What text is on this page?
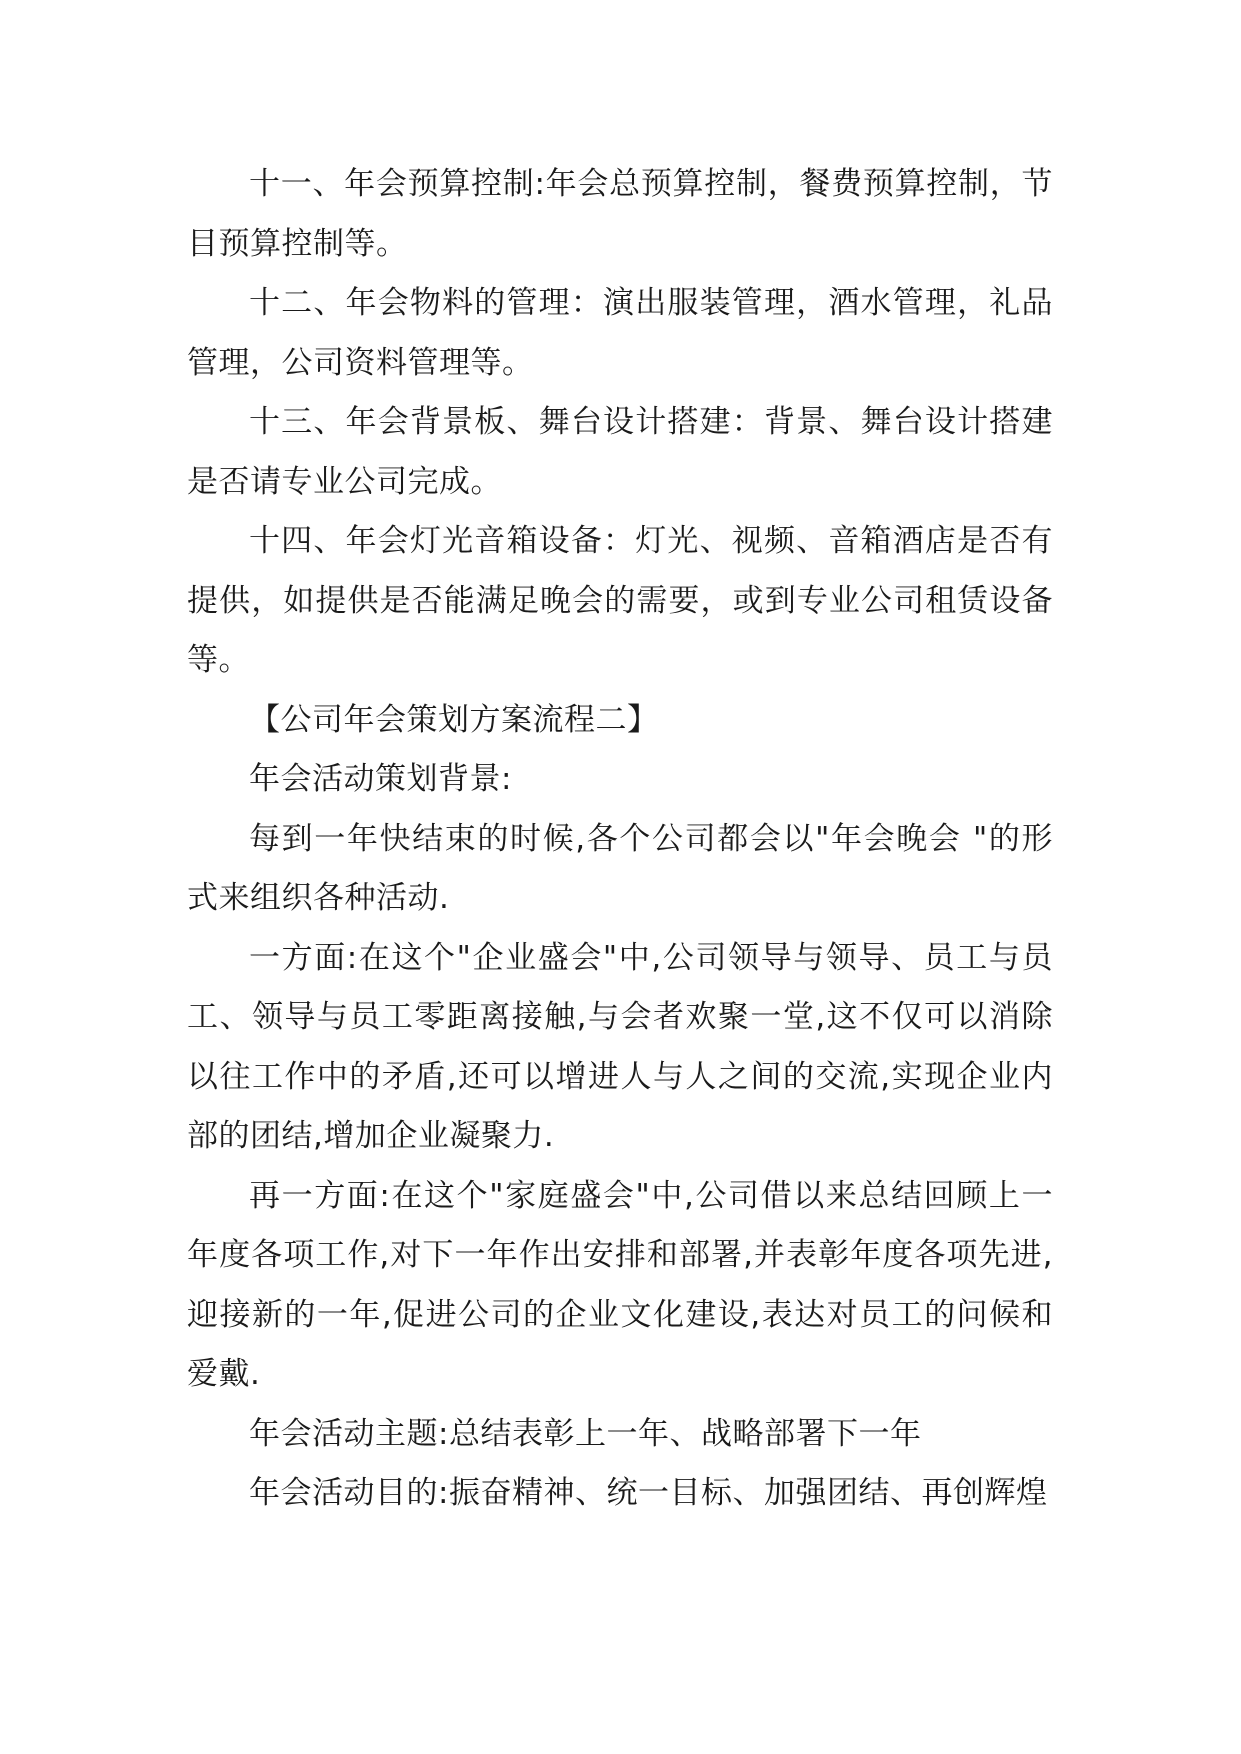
十一、年会预算控制:年会总预算控制，餐费预算控制，节目预算控制等。

十二、年会物料的管理：演出服装管理，酒水管理，礼品管理，公司资料管理等。

十三、年会背景板、舞台设计搭建：背景、舞台设计搭建是否请专业公司完成。

十四、年会灯光音箱设备：灯光、视频、音箱酒店是否有提供，如提供是否能满足晚会的需要，或到专业公司租赁设备等。

【公司年会策划方案流程二】

年会活动策划背景:

每到一年快结束的时候,各个公司都会以"年会晚会 "的形式来组织各种活动.

一方面:在这个"企业盛会"中,公司领导与领导、员工与员工、领导与员工零距离接触,与会者欢聚一堂,这不仅可以消除以往工作中的矛盾,还可以增进人与人之间的交流,实现企业内部的团结,增加企业凝聚力.

再一方面:在这个"家庭盛会"中,公司借以来总结回顾上一年度各项工作,对下一年作出安排和部署,并表彰年度各项先进,迎接新的一年,促进公司的企业文化建设,表达对员工的问候和爱戴.

年会活动主题:总结表彰上一年、战略部署下一年

年会活动目的:振奋精神、统一目标、加强团结、再创辉煌
